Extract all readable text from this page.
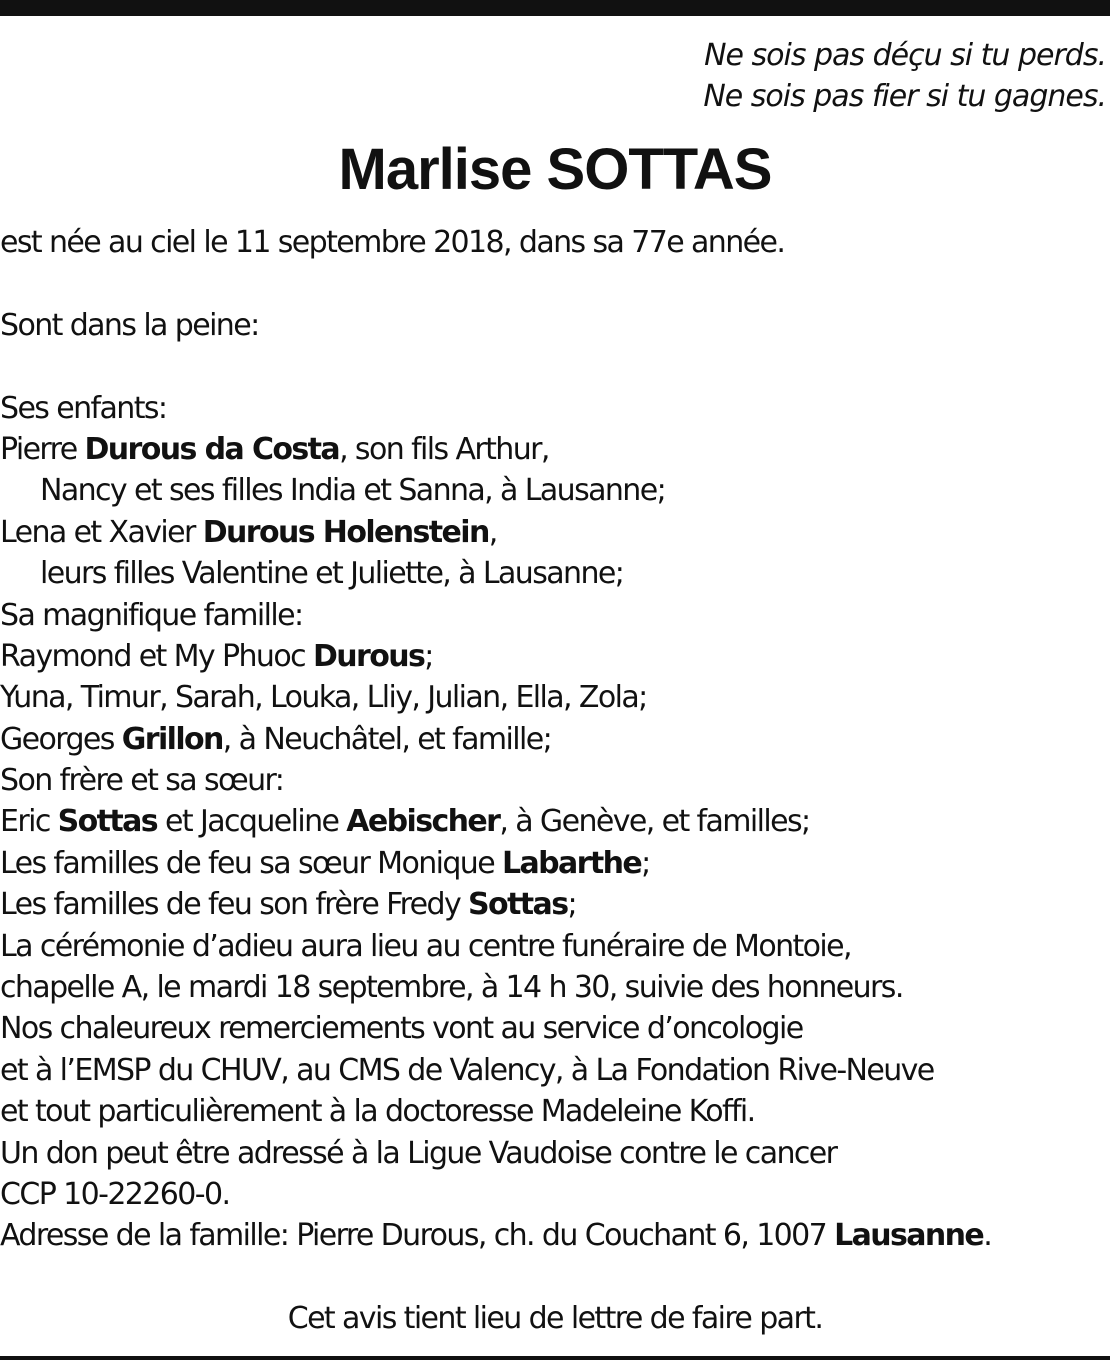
Ne sois pas déçu si tu perds.
Ne sois pas fier si tu gagnes.
Marlise SOTTAS
est née au ciel le 11 septembre 2018, dans sa 77e année.
Sont dans la peine:
Ses enfants:
Pierre Durous da Costa, son fils Arthur,
Nancy et ses filles India et Sanna, à Lausanne;
Lena et Xavier Durous Holenstein,
leurs filles Valentine et Juliette, à Lausanne;
Sa magnifique famille:
Raymond et My Phuoc Durous;
Yuna, Timur, Sarah, Louka, Lliy, Julian, Ella, Zola;
Georges Grillon, à Neuchâtel, et famille;
Son frère et sa sœur:
Eric Sottas et Jacqueline Aebischer, à Genève, et familles;
Les familles de feu sa sœur Monique Labarthe;
Les familles de feu son frère Fredy Sottas;
La cérémonie d’adieu aura lieu au centre funéraire de Montoie,
chapelle A, le mardi 18 septembre, à 14 h 30, suivie des honneurs.
Nos chaleureux remerciements vont au service d’oncologie
et à l’EMSP du CHUV, au CMS de Valency, à La Fondation Rive-Neuve
et tout particulièrement à la doctoresse Madeleine Koffi.
Un don peut être adressé à la Ligue Vaudoise contre le cancer
CCP 10-22260-0.
Adresse de la famille: Pierre Durous, ch. du Couchant 6, 1007 Lausanne.
Cet avis tient lieu de lettre de faire part.
